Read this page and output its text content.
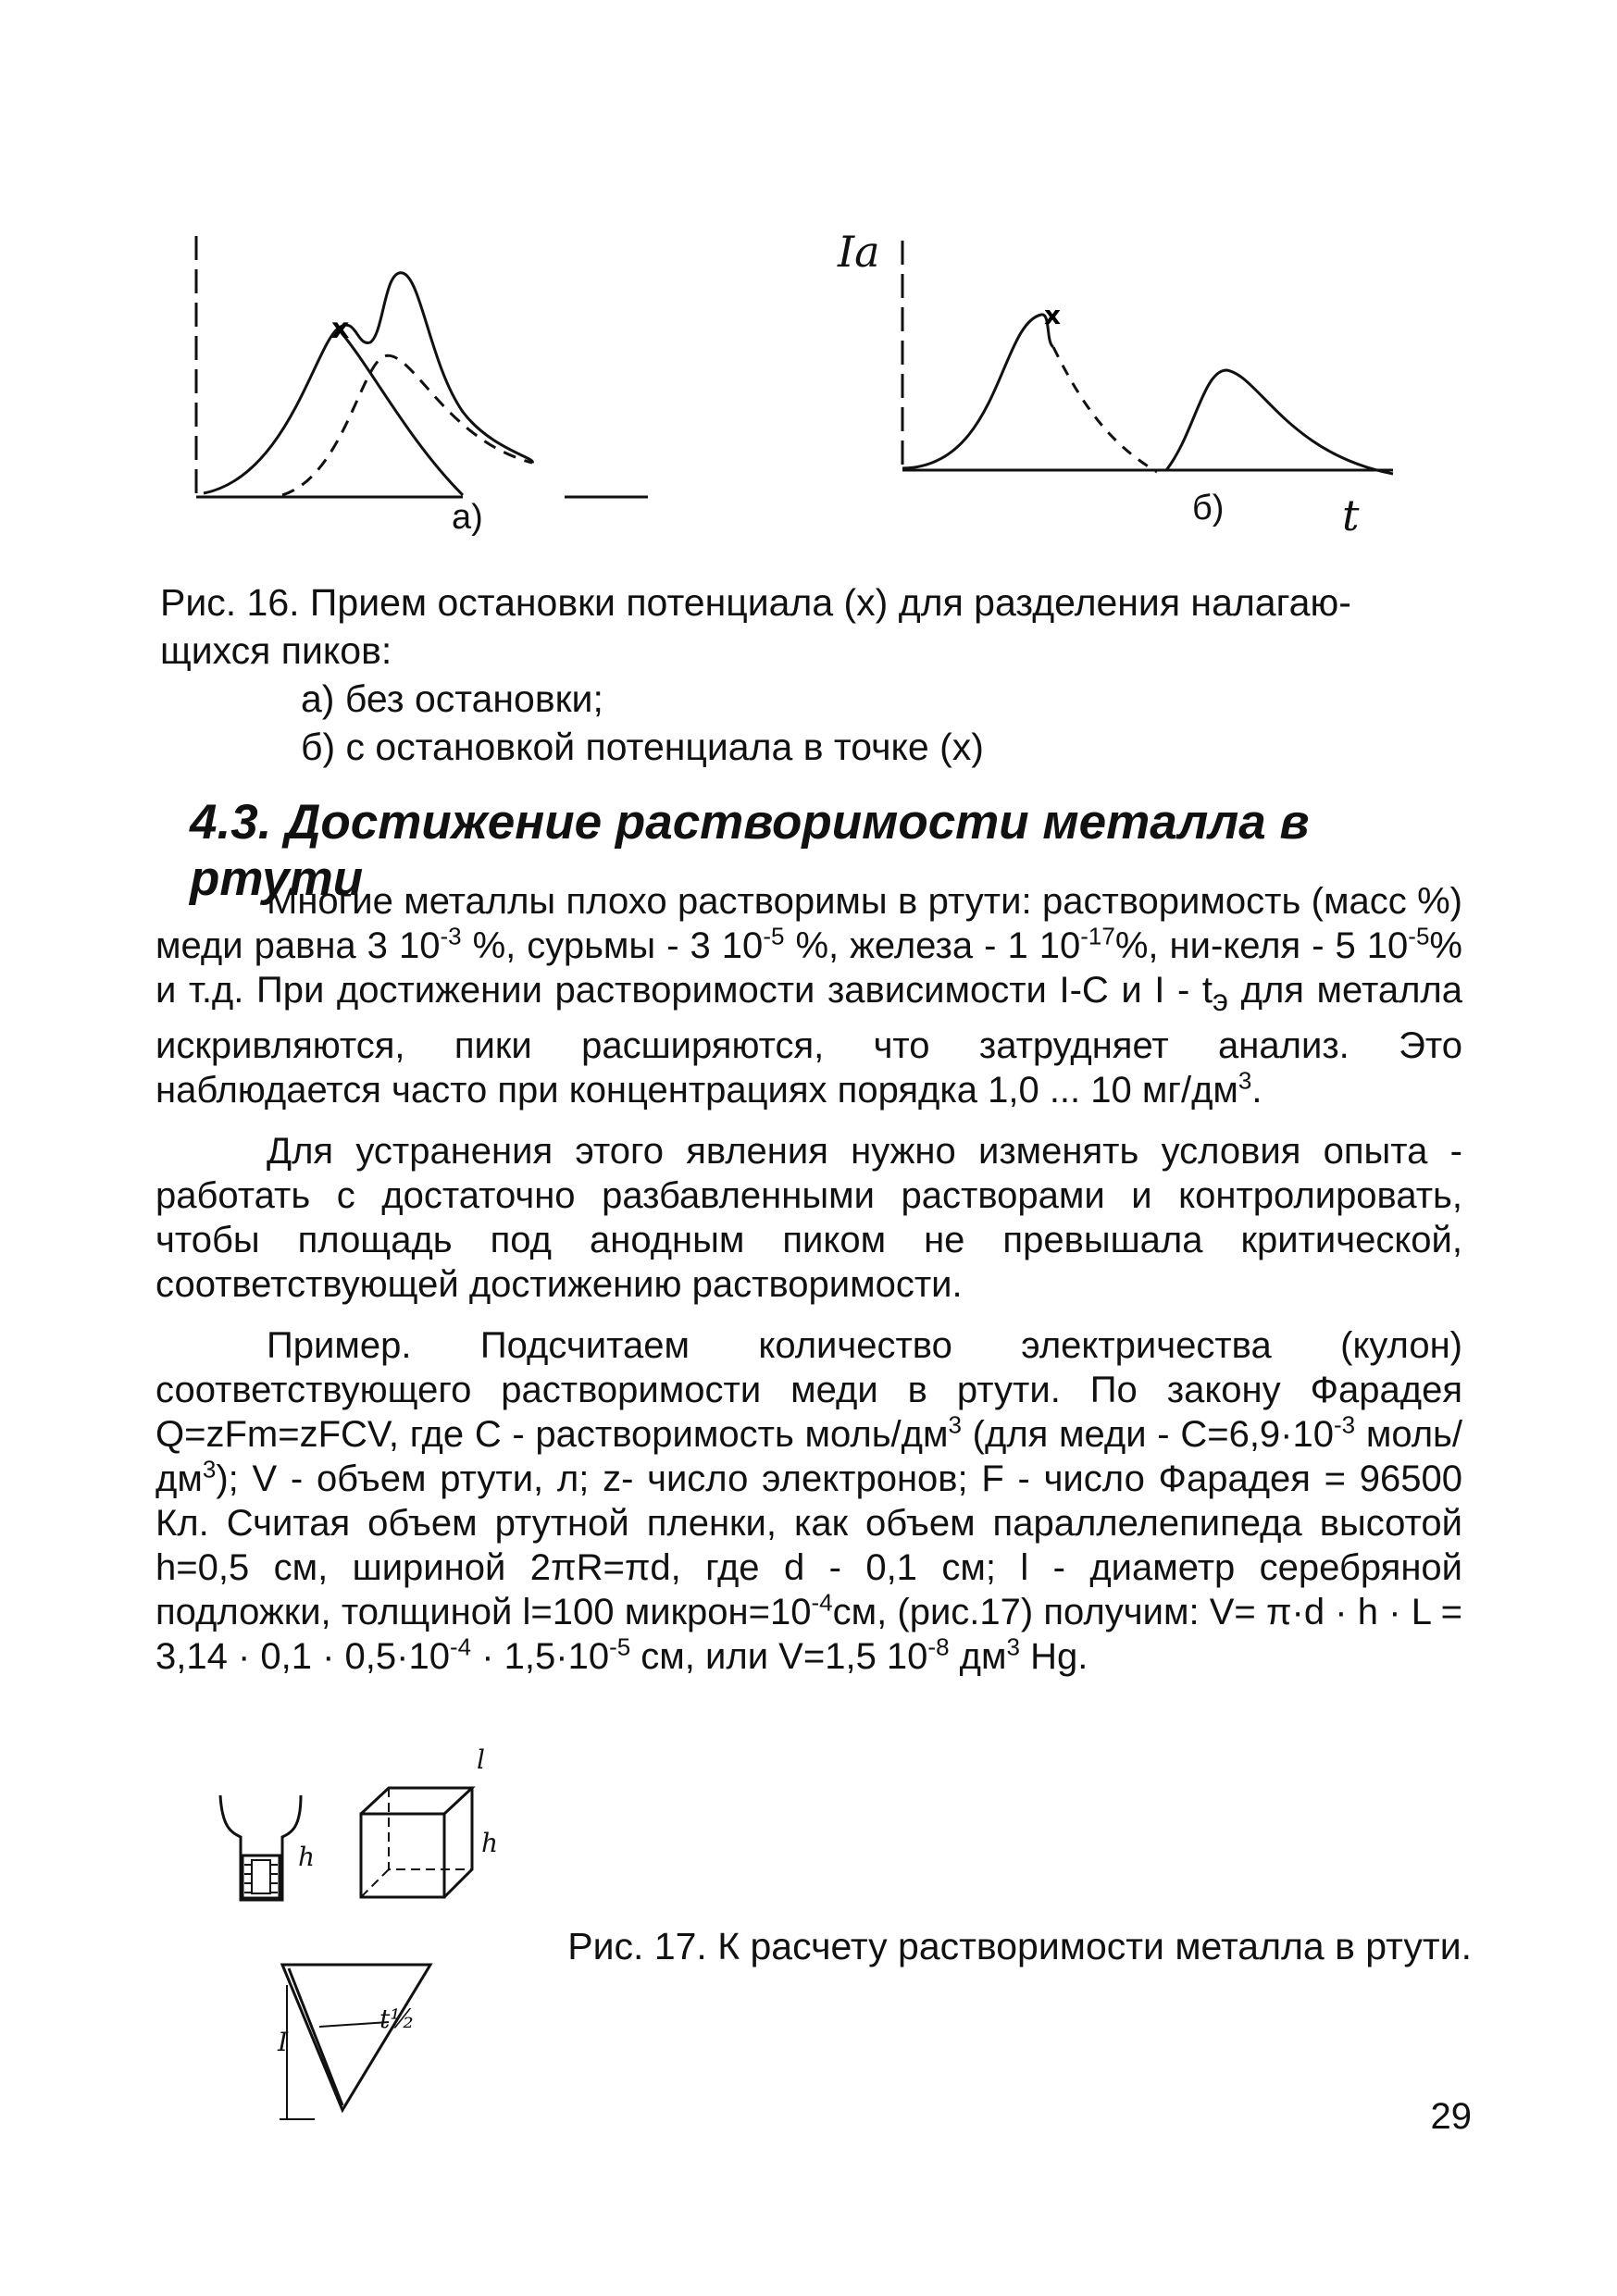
x
а)
x
Iа
б)	t
Рис. 16. Прием остановки потенциала (х) для разделения налагаю-
щихся пиков:
а) без остановки;
б) с остановкой потенциала в точке (х)
4.3. Достижение растворимости металла в ртути

Многие металлы плохо растворимы в ртути: растворимость (масс %) меди равна 3 $10^{-3}$ %, сурьмы - 3 $10^{-5}$ %, железа - 1 $10^{-17}\%$, ни-келя - 5 $10^{-5}\%$ и т.д. При достижении растворимости зависимости I-С и I - $t_э$ для металла искривляются, пики расширяются, что затрудняет анализ. Это наблюдается часто при концентрациях порядка 1,0 ... 10 $мг/дм^3$.

Для устранения этого явления нужно изменять условия опыта - работать с достаточно разбавленными растворами и контролировать, чтобы площадь под анодным пиком не превышала критической, соответствующей достижению растворимости.

Пример. Подсчитаем количество электричества (кулон) соответствующего растворимости меди в ртути. По закону Фарадея Q=zFm=zFCV, где С - растворимость моль/$дм^3$ (для меди - $С=6,9\cdot 10^{-3}$ моль/$дм^3$); V - объем ртути, л; z- число электронов; F - число Фарадея = 96500 Кл. Считая объем ртутной пленки, как объем параллелепипеда высотой h=0,5 см, шириной 2πR=πd, где d - 0,1 см; l - диаметр серебряной подложки, толщиной l=100 $микрон=10^{-4}см$, (рис.17) получим: $V= \pi\cdot d \cdot h \cdot L = 3,14 \cdot 0,1 \cdot 0,5\cdot 10^{-4} \cdot 1,5\cdot 10^{-5}$ см, или V=1,5 $10^{-8}$ $дм^3$ Hg.

h
l
h
I
t½
Рис. 17. К расчету растворимости металла в ртути.
29
